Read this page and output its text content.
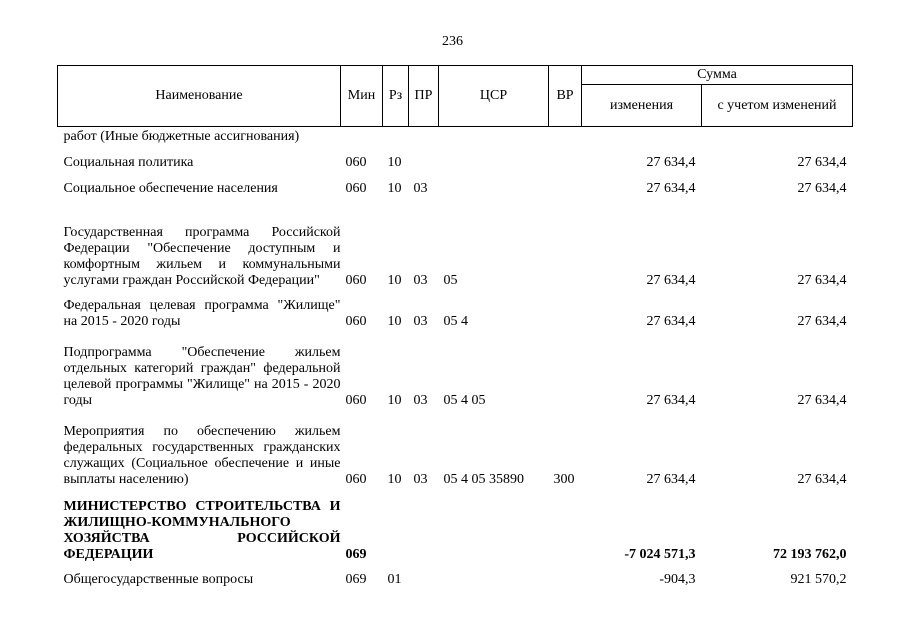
236
Наименование	Мин	Рз	ПР	ЦСР	ВР	Сумма	
						изменения	с учетом изменений
работ (Иные бюджетные ассигнования)							
Социальная политика	060	10				27 634,4	27 634,4
Социальное обеспечение населения	060	10	03			27 634,4	27 634,4
Государственная программа Российской Федерации "Обеспечение доступным и комфортным жильем и коммунальными услугами граждан Российской Федерации"	060	10	03	05		27 634,4	27 634,4
Федеральная целевая программа "Жилище" на 2015 - 2020 годы	060	10	03	05 4		27 634,4	27 634,4
Подпрограмма "Обеспечение жильем отдельных категорий граждан" федеральной целевой программы "Жилище" на 2015 - 2020 годы	060	10	03	05 4 05		27 634,4	27 634,4
Мероприятия по обеспечению жильем федеральных государственных гражданских служащих (Социальное обеспечение и иные выплаты населению)	060	10	03	05 4 05 35890	300	27 634,4	27 634,4
МИНИСТЕРСТВО СТРОИТЕЛЬСТВА И ЖИЛИЩНО-КОММУНАЛЬНОГО ХОЗЯЙСТВА РОССИЙСКОЙ ФЕДЕРАЦИИ	069					-7 024 571,3	72 193 762,0
Общегосударственные вопросы	069	01				-904,3	921 570,2
